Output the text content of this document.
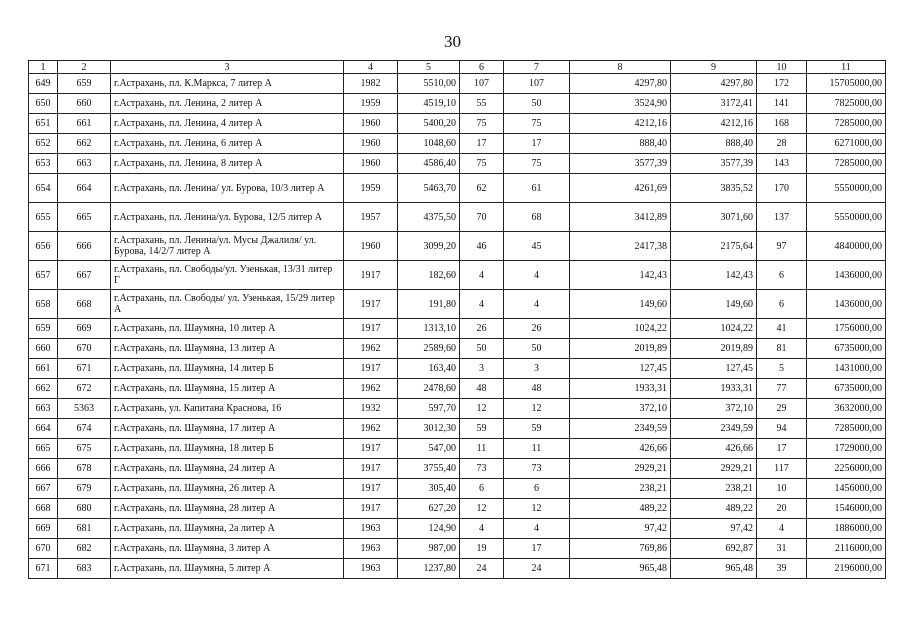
30
1	2	3	4	5	6	7	8	9	10	11
649	659	г.Астрахань, пл. К.Маркса, 7 литер А	1982	5510,00	107	107	4297,80	4297,80	172	15705000,00
650	660	г.Астрахань, пл. Ленина, 2 литер А	1959	4519,10	55	50	3524,90	3172,41	141	7825000,00
651	661	г.Астрахань, пл. Ленина, 4 литер А	1960	5400,20	75	75	4212,16	4212,16	168	7285000,00
652	662	г.Астрахань, пл. Ленина, 6 литер А	1960	1048,60	17	17	888,40	888,40	28	6271000,00
653	663	г.Астрахань, пл. Ленина, 8 литер А	1960	4586,40	75	75	3577,39	3577,39	143	7285000,00
654	664	г.Астрахань, пл. Ленина/ ул. Бурова, 10/3 литер А	1959	5463,70	62	61	4261,69	3835,52	170	5550000,00
655	665	г.Астрахань, пл. Ленина/ул. Бурова, 12/5 литер А	1957	4375,50	70	68	3412,89	3071,60	137	5550000,00
656	666	г.Астрахань, пл. Ленина/ул. Мусы Джалиля/ ул. Бурова, 14/2/7 литер А	1960	3099,20	46	45	2417,38	2175,64	97	4840000,00
657	667	г.Астрахань, пл. Свободы/ул. Узенькая, 13/31 литер Г	1917	182,60	4	4	142,43	142,43	6	1436000,00
658	668	г.Астрахань, пл. Свободы/ ул. Узенькая, 15/29 литер А	1917	191,80	4	4	149,60	149,60	6	1436000,00
659	669	г.Астрахань, пл. Шаумяна, 10 литер А	1917	1313,10	26	26	1024,22	1024,22	41	1756000,00
660	670	г.Астрахань, пл. Шаумяна, 13 литер А	1962	2589,60	50	50	2019,89	2019,89	81	6735000,00
661	671	г.Астрахань, пл. Шаумяна, 14 литер Б	1917	163,40	3	3	127,45	127,45	5	1431000,00
662	672	г.Астрахань, пл. Шаумяна, 15 литер А	1962	2478,60	48	48	1933,31	1933,31	77	6735000,00
663	5363	г.Астрахань, ул. Капитана Краснова, 16	1932	597,70	12	12	372,10	372,10	29	3632000,00
664	674	г.Астрахань, пл. Шаумяна, 17 литер А	1962	3012,30	59	59	2349,59	2349,59	94	7285000,00
665	675	г.Астрахань, пл. Шаумяна, 18 литер Б	1917	547,00	11	11	426,66	426,66	17	1729000,00
666	678	г.Астрахань, пл. Шаумяна, 24 литер А	1917	3755,40	73	73	2929,21	2929,21	117	2256000,00
667	679	г.Астрахань, пл. Шаумяна, 26 литер А	1917	305,40	6	6	238,21	238,21	10	1456000,00
668	680	г.Астрахань, пл. Шаумяна, 28 литер А	1917	627,20	12	12	489,22	489,22	20	1546000,00
669	681	г.Астрахань, пл. Шаумяна, 2а литер А	1963	124,90	4	4	97,42	97,42	4	1886000,00
670	682	г.Астрахань, пл. Шаумяна, 3 литер А	1963	987,00	19	17	769,86	692,87	31	2116000,00
671	683	г.Астрахань, пл. Шаумяна, 5 литер А	1963	1237,80	24	24	965,48	965,48	39	2196000,00
